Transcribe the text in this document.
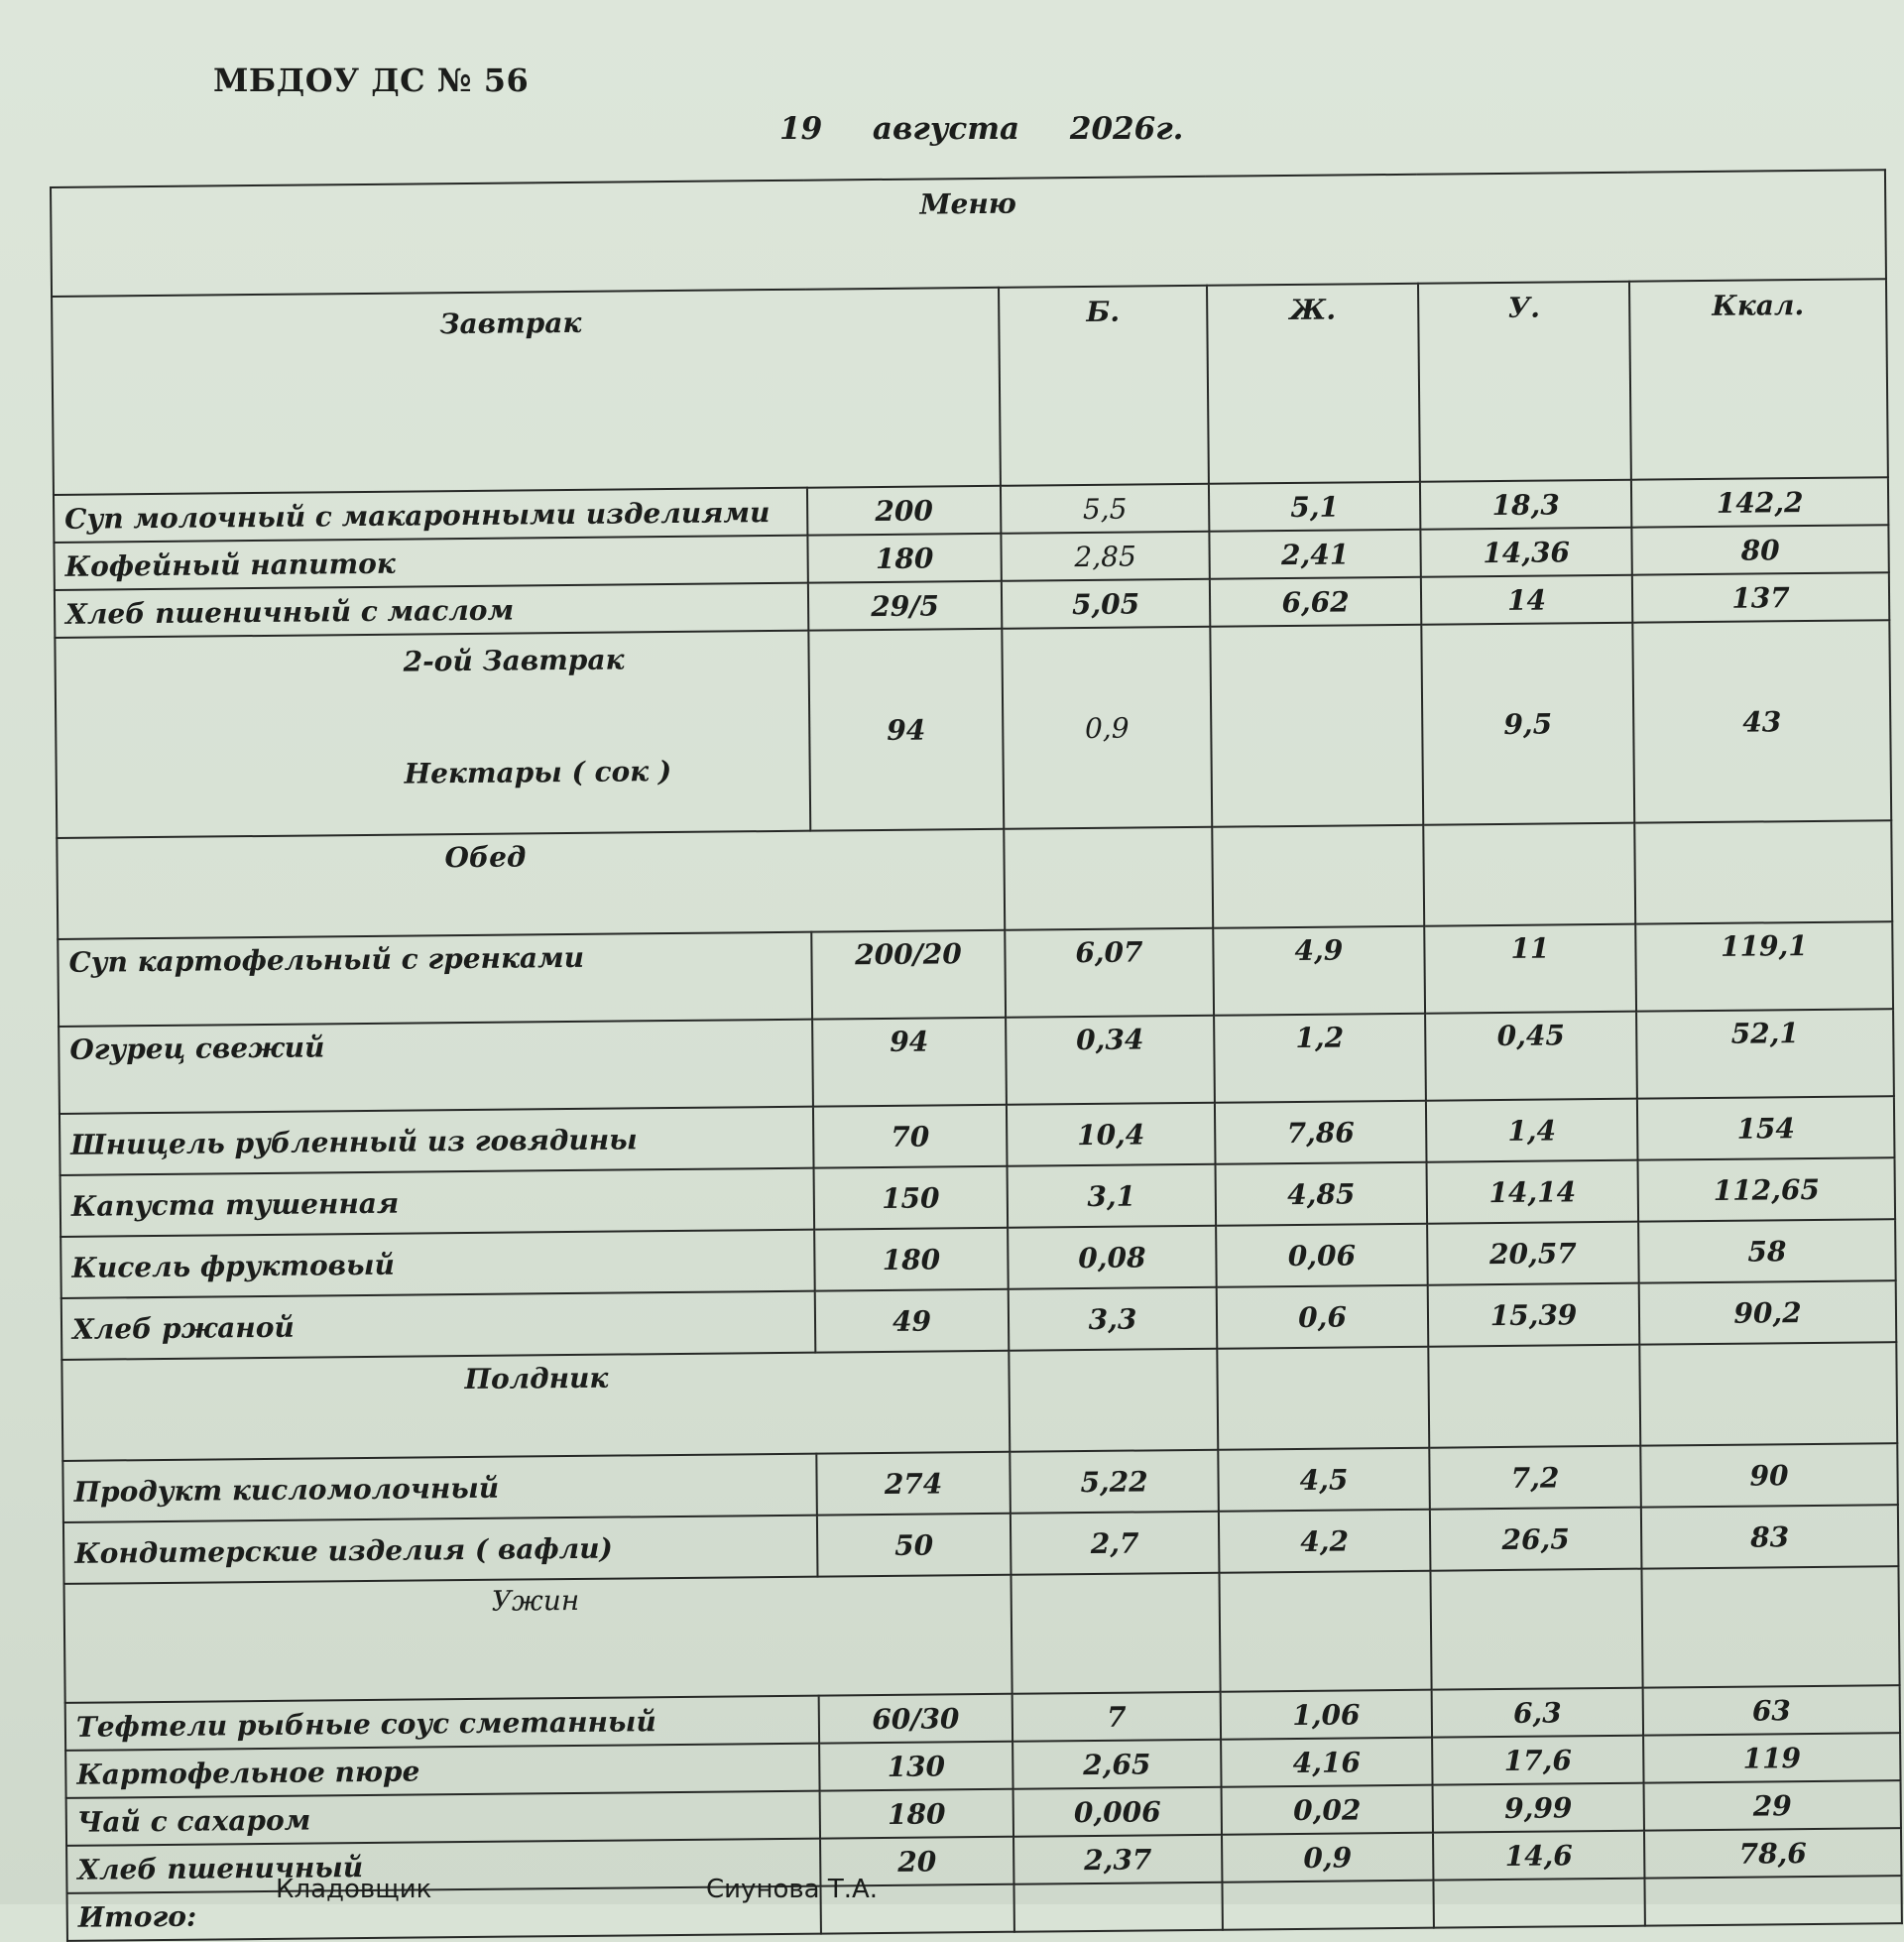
МБДОУ ДС № 56
19 августа 2026г.
Меню					

Завтрак		Б.	Ж.	У.	Ккал.
Суп молочный с макаронными изделиями	200	5,5	5,1	18,3	142,2
Кофейный напиток	180	2,85	2,41	14,36	80
Хлеб пшеничный с маслом	29/5	5,05	6,62	14	137

2-ой Завтрак
Нектары ( сок )	94	0,9		9,5	43

Обед					

Суп картофельный с гренками	200/20	6,07	4,9	11	119,1
Огурец свежий	94	0,34	1,2	0,45	52,1
Шницель рубленный из говядины	70	10,4	7,86	1,4	154
Капуста тушенная	150	3,1	4,85	14,14	112,65
Кисель фруктовый	180	0,08	0,06	20,57	58
Хлеб ржаной	49	3,3	0,6	15,39	90,2

Полдник					

Продукт кисломолочный	274	5,22	4,5	7,2	90
Кондитерские изделия ( вафли)	50	2,7	4,2	26,5	83

Ужин					

Тефтели рыбные соус сметанный	60/30	7	1,06	6,3	63
Картофельное пюре	130	2,65	4,16	17,6	119
Чай с сахаром	180	0,006	0,02	9,99	29
Хлеб пшеничный	20	2,37	0,9	14,6	78,6
Итого:					
Кладовщик	Сиунова Т.А.
